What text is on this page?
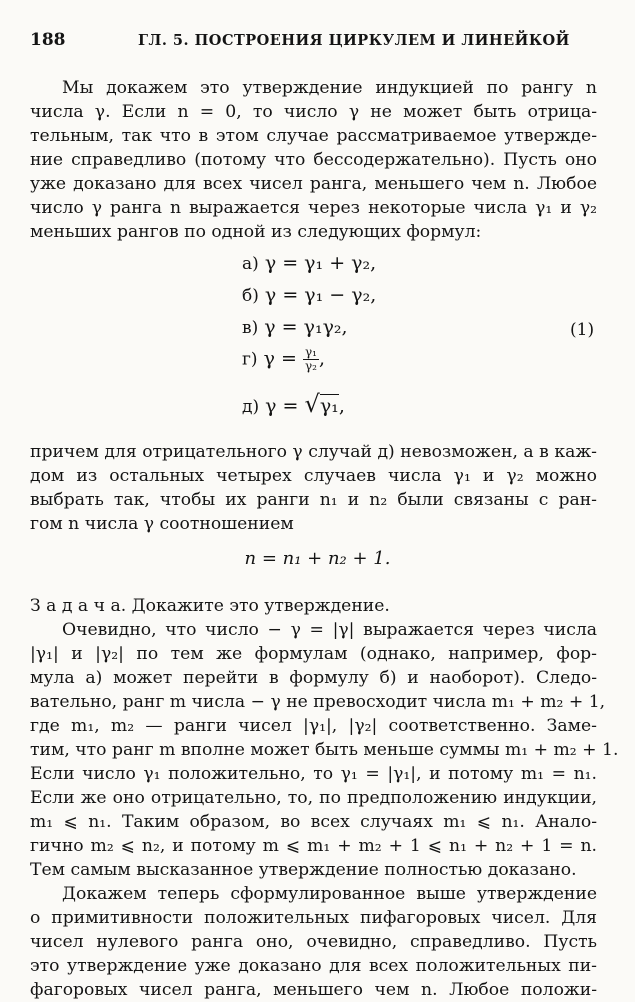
188	ГЛ. 5. ПОСТРОЕНИЯ ЦИРКУЛЕМ И ЛИНЕЙКОЙ
Мы докажем это утверждение индукцией по рангу n
числа γ. Если n = 0, то число γ не может быть отрица-
тельным, так что в этом случае рассматриваемое утвержде-
ние справедливо (потому что бессодержательно). Пусть оно
уже доказано для всех чисел ранга, меньшего чем n. Любое
число γ ранга n выражается через некоторые числа γ₁ и γ₂
меньших рангов по одной из следующих формул:
а) γ = γ₁ + γ₂,
б) γ = γ₁ − γ₂,
в) γ = γ₁γ₂,
г) $\gamma = \frac{\text{γ₁}}{\text{γ₂}}$ ,
д) γ = √γ₁,
(1)
причем для отрицательного γ случай д) невозможен, а в каж-
дом из остальных четырех случаев числа γ₁ и γ₂ можно
выбрать так, чтобы их ранги n₁ и n₂ были связаны с ран-
гом n числа γ соотношением
n = n₁ + n₂ + 1.
З а д а ч а. Докажите это утверждение.
Очевидно, что число − γ = |γ| выражается через числа
|γ₁| и |γ₂| по тем же формулам (однако, например, фор-
мула а) может перейти в формулу б) и наоборот). Следо-
вательно, ранг m числа − γ не превосходит числа m₁ + m₂ + 1,
где m₁, m₂ — ранги чисел |γ₁|, |γ₂| соответственно. Заме-
тим, что ранг m вполне может быть меньше суммы m₁ + m₂ + 1.
Если число γ₁ положительно, то γ₁ = |γ₁|, и потому m₁ = n₁.
Если же оно отрицательно, то, по предположению индукции,
m₁ ⩽ n₁. Таким образом, во всех случаях m₁ ⩽ n₁. Анало-
гично m₂ ⩽ n₂, и потому m ⩽ m₁ + m₂ + 1 ⩽ n₁ + n₂ + 1 = n.
Тем самым высказанное утверждение полностью доказано.
Докажем теперь сформулированное выше утверждение
о примитивности положительных пифагоровых чисел. Для
чисел нулевого ранга оно, очевидно, справедливо. Пусть
это утверждение уже доказано для всех положительных пи-
фагоровых чисел ранга, меньшего чем n. Любое положи-
